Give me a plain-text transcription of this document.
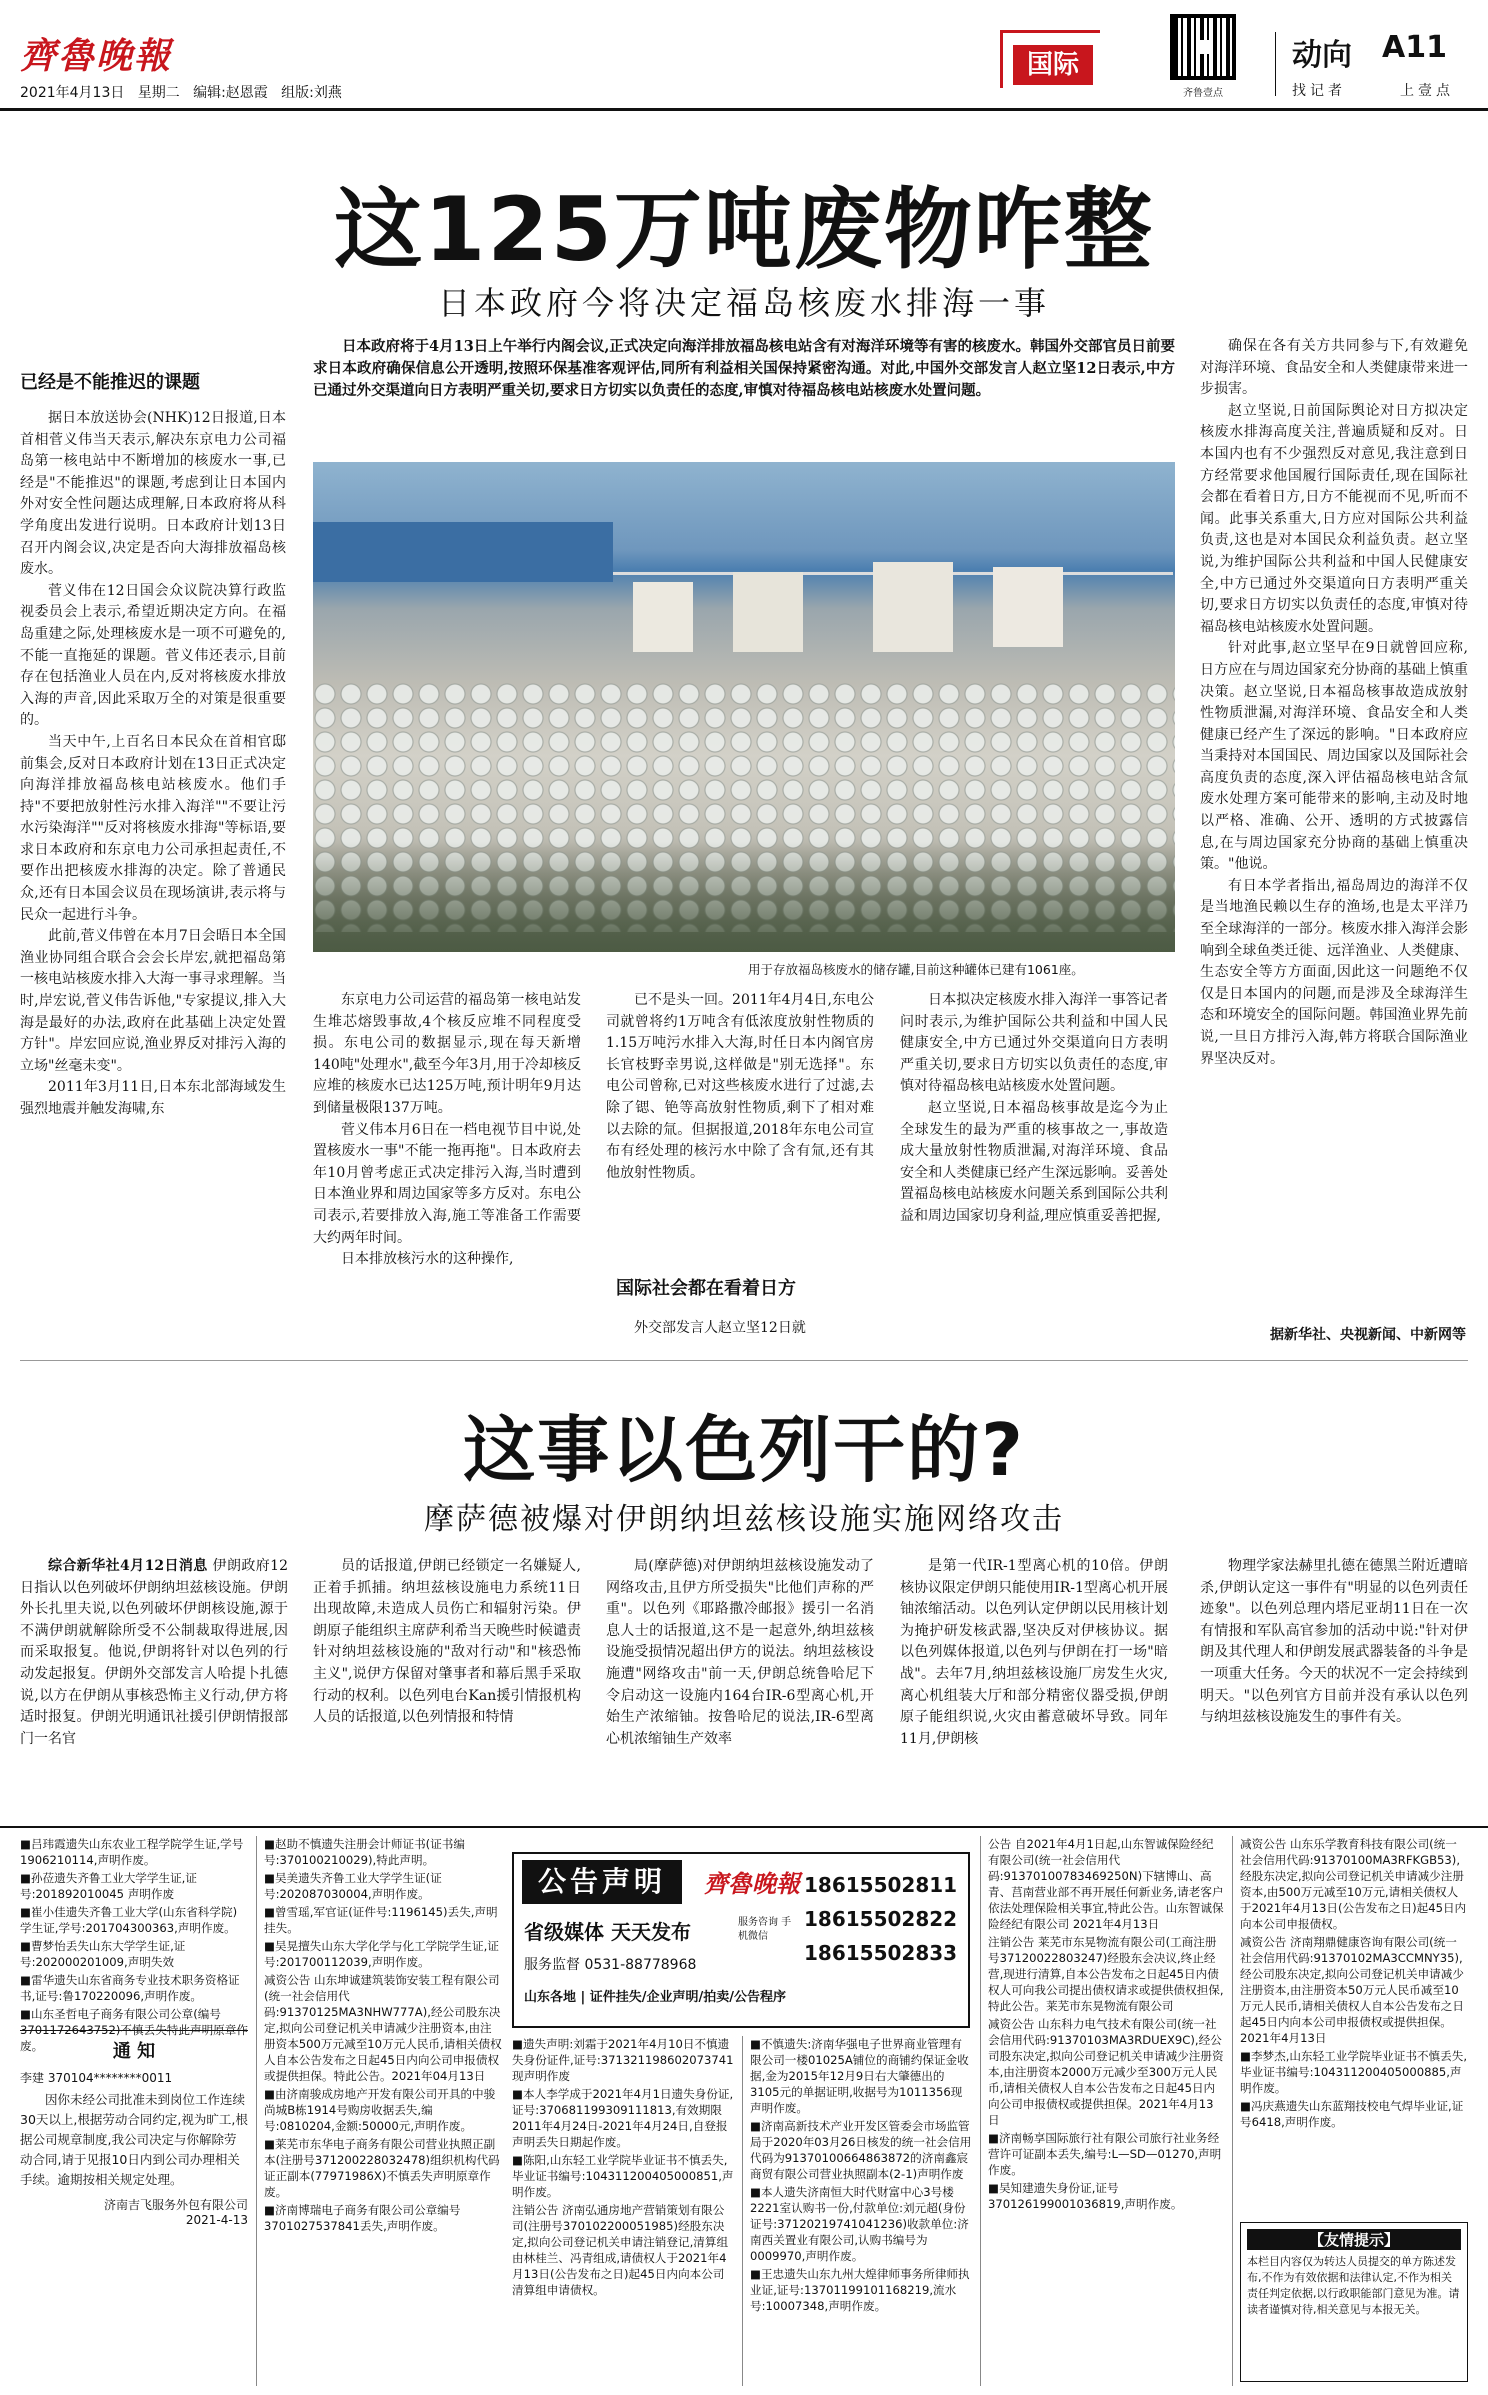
齊魯晚報
2021年4月13日 星期二 编辑:赵恩霞 组版:刘燕
国际
齐鲁壹点
动向 A11
找记者	上壹点
这125万吨废物咋整
日本政府今将决定福岛核废水排海一事

日本政府将于4月13日上午举行内阁会议,正式决定向海洋排放福岛核电站含有对海洋环境等有害的核废水。韩国外交部官员日前要求日本政府确保信息公开透明,按照环保基准客观评估,同所有利益相关国保持紧密沟通。对此,中国外交部发言人赵立坚12日表示,中方已通过外交渠道向日方表明严重关切,要求日方切实以负责任的态度,审慎对待福岛核电站核废水处置问题。

已经是不能推迟的课题

据日本放送协会(NHK)12日报道,日本首相菅义伟当天表示,解决东京电力公司福岛第一核电站中不断增加的核废水一事,已经是"不能推迟"的课题,考虑到让日本国内外对安全性问题达成理解,日本政府将从科学角度出发进行说明。日本政府计划13日召开内阁会议,决定是否向大海排放福岛核废水。

菅义伟在12日国会众议院决算行政监视委员会上表示,希望近期决定方向。在福岛重建之际,处理核废水是一项不可避免的,不能一直拖延的课题。菅义伟还表示,目前存在包括渔业人员在内,反对将核废水排放入海的声音,因此采取万全的对策是很重要的。

当天中午,上百名日本民众在首相官邸前集会,反对日本政府计划在13日正式决定向海洋排放福岛核电站核废水。他们手持"不要把放射性污水排入海洋""不要让污水污染海洋""反对将核废水排海"等标语,要求日本政府和东京电力公司承担起责任,不要作出把核废水排海的决定。除了普通民众,还有日本国会议员在现场演讲,表示将与民众一起进行斗争。

此前,菅义伟曾在本月7日会晤日本全国渔业协同组合联合会会长岸宏,就把福岛第一核电站核废水排入大海一事寻求理解。当时,岸宏说,菅义伟告诉他,"专家提议,排入大海是最好的办法,政府在此基础上决定处置方针"。岸宏回应说,渔业界反对排污入海的立场"丝毫未变"。

2011年3月11日,日本东北部海域发生强烈地震并触发海啸,东

用于存放福岛核废水的储存罐,目前这种罐体已建有1061座。

东京电力公司运营的福岛第一核电站发生堆芯熔毁事故,4个核反应堆不同程度受损。东电公司的数据显示,现在每天新增140吨"处理水",截至今年3月,用于冷却核反应堆的核废水已达125万吨,预计明年9月达到储量极限137万吨。

菅义伟本月6日在一档电视节目中说,处置核废水一事"不能一拖再拖"。日本政府去年10月曾考虑正式决定排污入海,当时遭到日本渔业界和周边国家等多方反对。东电公司表示,若要排放入海,施工等准备工作需要大约两年时间。

日本排放核污水的这种操作,

已不是头一回。2011年4月4日,东电公司就曾将约1万吨含有低浓度放射性物质的1.15万吨污水排入大海,时任日本内阁官房长官枝野幸男说,这样做是"别无选择"。东电公司曾称,已对这些核废水进行了过滤,去除了锶、铯等高放射性物质,剩下了相对难以去除的氚。但据报道,2018年东电公司宣布有经处理的核污水中除了含有氚,还有其他放射性物质。

国际社会都在看着日方

外交部发言人赵立坚12日就

日本拟决定核废水排入海洋一事答记者问时表示,为维护国际公共利益和中国人民健康安全,中方已通过外交渠道向日方表明严重关切,要求日方切实以负责任的态度,审慎对待福岛核电站核废水处置问题。

赵立坚说,日本福岛核事故是迄今为止全球发生的最为严重的核事故之一,事故造成大量放射性物质泄漏,对海洋环境、食品安全和人类健康已经产生深远影响。妥善处置福岛核电站核废水问题关系到国际公共利益和周边国家切身利益,理应慎重妥善把握,

确保在各有关方共同参与下,有效避免对海洋环境、食品安全和人类健康带来进一步损害。

赵立坚说,日前国际舆论对日方拟决定核废水排海高度关注,普遍质疑和反对。日本国内也有不少强烈反对意见,我注意到日方经常要求他国履行国际责任,现在国际社会都在看着日方,日方不能视而不见,听而不闻。此事关系重大,日方应对国际公共利益负责,这也是对本国民众利益负责。赵立坚说,为维护国际公共利益和中国人民健康安全,中方已通过外交渠道向日方表明严重关切,要求日方切实以负责任的态度,审慎对待福岛核电站核废水处置问题。

针对此事,赵立坚早在9日就曾回应称,日方应在与周边国家充分协商的基础上慎重决策。赵立坚说,日本福岛核事故造成放射性物质泄漏,对海洋环境、食品安全和人类健康已经产生了深远的影响。"日本政府应当秉持对本国国民、周边国家以及国际社会高度负责的态度,深入评估福岛核电站含氚废水处理方案可能带来的影响,主动及时地以严格、准确、公开、透明的方式披露信息,在与周边国家充分协商的基础上慎重决策。"他说。

有日本学者指出,福岛周边的海洋不仅是当地渔民赖以生存的渔场,也是太平洋乃至全球海洋的一部分。核废水排入海洋会影响到全球鱼类迁徙、远洋渔业、人类健康、生态安全等方方面面,因此这一问题绝不仅仅是日本国内的问题,而是涉及全球海洋生态和环境安全的国际问题。韩国渔业界先前说,一旦日方排污入海,韩方将联合国际渔业界坚决反对。

据新华社、央视新闻、中新网等
这事以色列干的?
摩萨德被爆对伊朗纳坦兹核设施实施网络攻击

综合新华社4月12日消息 伊朗政府12日指认以色列破坏伊朗纳坦兹核设施。伊朗外长扎里夫说,以色列破坏伊朗核设施,源于不满伊朗就解除所受不公制裁取得进展,因而采取报复。他说,伊朗将针对以色列的行动发起报复。伊朗外交部发言人哈提卜扎德说,以方在伊朗从事核恐怖主义行动,伊方将适时报复。伊朗光明通讯社援引伊朗情报部门一名官

员的话报道,伊朗已经锁定一名嫌疑人,正着手抓捕。纳坦兹核设施电力系统11日出现故障,未造成人员伤亡和辐射污染。伊朗原子能组织主席萨利希当天晚些时候谴责针对纳坦兹核设施的"敌对行动"和"核恐怖主义",说伊方保留对肇事者和幕后黑手采取行动的权利。以色列电台Kan援引情报机构人员的话报道,以色列情报和特情

局(摩萨德)对伊朗纳坦兹核设施发动了网络攻击,且伊方所受损失"比他们声称的严重"。以色列《耶路撒冷邮报》援引一名消息人士的话报道,这不是一起意外,纳坦兹核设施受损情况超出伊方的说法。纳坦兹核设施遭"网络攻击"前一天,伊朗总统鲁哈尼下令启动这一设施内164台IR-6型离心机,开始生产浓缩铀。按鲁哈尼的说法,IR-6型离心机浓缩铀生产效率

是第一代IR-1型离心机的10倍。伊朗核协议限定伊朗只能使用IR-1型离心机开展铀浓缩活动。以色列认定伊朗以民用核计划为掩护研发核武器,坚决反对伊核协议。据以色列媒体报道,以色列与伊朗在打一场"暗战"。去年7月,纳坦兹核设施厂房发生火灾,离心机组装大厅和部分精密仪器受损,伊朗原子能组织说,火灾由蓄意破坏导致。同年11月,伊朗核

物理学家法赫里扎德在德黑兰附近遭暗杀,伊朗认定这一事件有"明显的以色列责任迹象"。以色列总理内塔尼亚胡11日在一次有情报和军队高官参加的活动中说:"针对伊朗及其代理人和伊朗发展武器装备的斗争是一项重大任务。今天的状况不一定会持续到明天。"以色列官方目前并没有承认以色列与纳坦兹核设施发生的事件有关。

■吕玮霞遗失山东农业工程学院学生证,学号1906210114,声明作废。

■孙莅遗失齐鲁工业大学学生证,证号:201892010045 声明作废

■崔小佳遗失齐鲁工业大学(山东省科学院)学生证,学号:201704300363,声明作废。

■曹梦怡丢失山东大学学生证,证号:202000201009,声明失效

■雷华遗失山东省商务专业技术职务资格证书,证号:鲁170220096,声明作废。

■山东圣哲电子商务有限公司公章(编号3701172643752)不慎丢失特此声明原章作废。	通 知
李建 370104********0011
因你未经公司批准未到岗位工作连续30天以上,根据劳动合同约定,视为旷工,根据公司规章制度,我公司决定与你解除劳动合同,请于见报10日内到公司办理相关手续。逾期按相关规定处理。
济南吉飞服务外包有限公司
2021-4-13

■赵助不慎遗失注册会计师证书(证书编号:370100210029),特此声明。

■吴美遗失齐鲁工业大学学生证(证号:202087030004,声明作废。

■曾雪瑶,军官证(证件号:1196145)丢失,声明挂失。

■吴晃擅失山东大学化学与化工学院学生证,证号:201700112039,声明作废。

减资公告 山东坤诚建筑装饰安装工程有限公司(统一社会信用代码:91370125MA3NHW777A),经公司股东决定,拟向公司登记机关申请减少注册资本,由注册资本500万元减至10万元人民币,请相关债权人自本公告发布之日起45日内向公司申报债权或提供担保。特此公告。2021年04月13日

■由济南骏成房地产开发有限公司开具的中骏尚城B栋1914号购房收据丢失,编号:0810204,金额:50000元,声明作废。

■莱芜市东华电子商务有限公司营业执照正副本(注册号371200228032478)组织机构代码证正副本(77971986X)不慎丢失声明原章作废。

■济南博瑞电子商务有限公司公章编号3701027537841丢失,声明作废。

公告声明	齊魯晚報
省级媒体 天天发布	服务咨询 手机微信
服务监督 0531-88778968
山东各地 | 证件挂失/企业声明/拍卖/公告程序
18615502811
18615502822
18615502833

■遗失声明:刘霜于2021年4月10日不慎遗失身份证件,证号:371321198602073741 现声明作废

■本人李学成于2021年4月1日遗失身份证,证号:370681199309111813,有效期限2011年4月24日-2021年4月24日,自登报声明丢失日期起作废。

■陈阳,山东轻工业学院毕业证书不慎丢失,毕业证书编号:104311200405000851,声明作废。

注销公告 济南弘通房地产营销策划有限公司(注册号370102200051985)经股东决定,拟向公司登记机关申请注销登记,清算组由林桂兰、冯青组成,请债权人于2021年4月13日(公告发布之日)起45日内向本公司清算组申请债权。

■不慎遗失:济南华强电子世界商业管理有限公司一楼01025A铺位的商铺约保证金收据,金为2015年12月9日右大肇德出的3105元的单据证明,收据号为1011356现声明作废。

■济南高新技术产业开发区管委会市场监管局于2020年03月26日核发的统一社会信用代码为91370100664863872的济南鑫宸商贸有限公司营业执照副本(2-1)声明作废

■本人遗失济南恒大时代财富中心3号楼2221室认购书一份,付款单位:刘元超(身份证号:37120219741041236)收款单位:济南西关置业有限公司,认购书编号为0009970,声明作废。

■王忠遗失山东九州大煌律师事务所律师执业证,证号:13701199101168219,流水号:10007348,声明作废。

公告 自2021年4月1日起,山东智诚保险经纪有限公司(统一社会信用代码:91370100783469250N)下辖博山、高青、莒南营业部不再开展任何新业务,请老客户依法处理保险相关事宜,特此公告。山东智诚保险经纪有限公司 2021年4月13日

注销公告 莱芜市东晃物流有限公司(工商注册号37120022803247)经股东会决议,终止经营,现进行清算,自本公告发布之日起45日内债权人可向我公司提出债权请求或提供债权担保,特此公告。莱芜市东晃物流有限公司

减资公告 山东科力电气技术有限公司(统一社会信用代码:91370103MA3RDUEX9C),经公司股东决定,拟向公司登记机关申请减少注册资本,由注册资本2000万元减少至300万元人民币,请相关债权人自本公告发布之日起45日内向公司申报债权或提供担保。2021年4月13日

■济南畅享国际旅行社有限公司旅行社业务经营许可证副本丢失,编号:L—SD—01270,声明作废。

■吴知建遗失身份证,证号370126199001036819,声明作废。

减资公告 山东乐学教育科技有限公司(统一社会信用代码:91370100MA3RFKGB53),经股东决定,拟向公司登记机关申请减少注册资本,由500万元减至10万元,请相关债权人于2021年4月13日(公告发布之日)起45日内向本公司申报债权。

减资公告 济南翔鼎健康咨询有限公司(统一社会信用代码:91370102MA3CCMNY35),经公司股东决定,拟向公司登记机关申请减少注册资本,由注册资本50万元人民币减至10万元人民币,请相关债权人自本公告发布之日起45日内向本公司申报债权或提供担保。2021年4月13日

■李梦杰,山东轻工业学院毕业证书不慎丢失,毕业证书编号:104311200405000885,声明作废。

■冯庆燕遗失山东蓝翔技校电气焊毕业证,证号6418,声明作废。

【友情提示】
本栏目内容仅为转达人员提交的单方陈述发布,不作为有效依据和法律认定,不作为相关责任判定依据,以行政职能部门意见为准。请读者谨慎对待,相关意见与本报无关。
